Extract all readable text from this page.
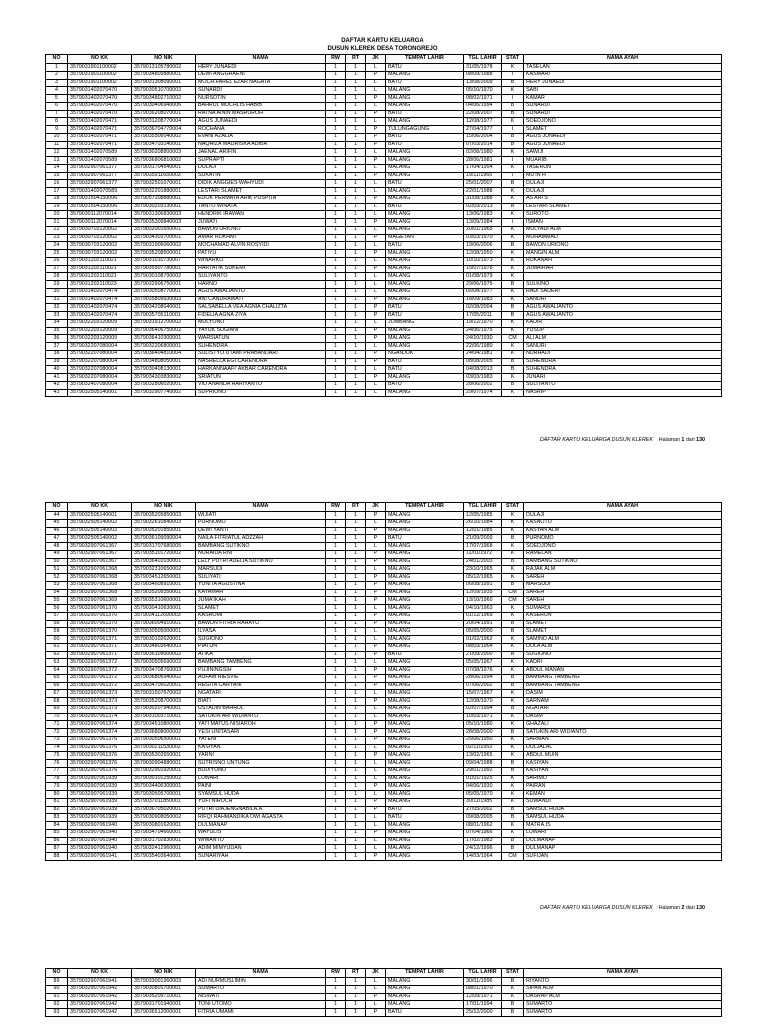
DAFTAR KARTU KELUARGA
DUSUN KLEREK DESA TORONGREJO
NO	NO KK	NO NIK	NAMA	RW	RT	JK	TEMPAT LAHIR	TGL LAHIR	STAT	NAMA AYAH
1	3579031901100002	3579013105780002	HERY JUNAEDI	1	1	L	BATU	31/05/1978	K	TASELAN
2	3579031901100002	3579034809880001	DEWI ANGGRAENI	1	1	P	MALANG	08/09/1988	I	KASMARI
3	3579031901100002	3579031308090001	MOCH.FAREL EZAR NAGATA	1	1	L	BATU	13/08/2009	B	HERY JUNAEDI
4	3579031402070470	3579030510700002	SUNARDI	1	1	L	MALANG	05/10/1970	K	SABI
5	3579031402070470	3579034802710002	NURSOTIN	1	1	P	MALANG	08/02/1971	I	KAMAR
6	3579031402070470	3579030406940006	BAHRUL MUCHLIS HABIB	1	1	L	MALANG	04/06/1994	B	SUNARDI
7	3579031402070470	3579036208070001	RATNA AININ MASRUROH	1	1	P	BATU	22/08/2007	B	SUNARDI
8	3579031402070471	3579031208770004	AGUS JUNAEDI	1	1	L	MALANG	12/08/1977	K	SOEDJONO
9	3579031402070471	3579036704770004	ROCHANA	1	1	P	TULUNGAGUNG	27/04/1977	I	SLAMET
10	3579031402070471	3579035506040002	EVANI AZALIA	1	1	P	BATU	15/06/2004	B	AGUS JUNAEDI
11	3579031402070471	3579034703140001	NAQHIZA MAURISKA ADIBA	1	1	P	BATU	07/03/2014	B	AGUS JUNAEDI
12	3579031402070589	3579030208800003	JAENAL ARIFIN	1	1	L	MALANG	02/08/1980	K	SAWIJI
13	3579031402070589	3579036806810002	SUPRAPTI	1	1	P	MALANG	28/06/1981	I	MUARIB
14	3579032907061377	3579031704540001	DULAJI	1	1	L	MALANG	17/04/1954	K	TASERUN
15	3579032907061377	3579035911650003	SUKATIN	1	1	P	MALANG	19/11/1965	I	MU'IN H
16	3579032907061377	3579032501070001	DIDIK ANGGIES WAHYUDI	1	1	L	BATU	25/01/2007	B	DULAJI
17	3579031402070589	3579032201880001	LESTARI SLAMET	1	1	L	MALANG	22/01/1988	K	DULAJI
18	3579031504150006	3579057108880001	EDOK PERMATA ARIK PUSPITA	1	1	P	MALANG	31/08/1988	K	AS'ARI S
19	3579031504150006	3579030203130001	TANTO WINATA	1	1	L	BATU	02/03/2013	B	LESTARI SLAMET
20	3579030112070014	3579031306830003	HENDRIK IRAWAN	1	1	L	MALANG	13/06/1983	K	SUROTO
21	3579030112070014	3579035309840003	JUWATI	1	1	P	MALANG	13/09/1984	I	ISMAN
22	3579030703120002	3579032001650001	BAWON URIONO	1	1	L	MALANG	20/01/1965	K	MULYADI ALM
23	3579030703120002	3579034303700001	AMAR ROKHMI	1	1	P	MAGETAN	03/03/1970	K	MUHAMMAD
24	3579030703120002	3579031906060002	MOCHAMAD ALVIN ROSYIDI	1	1	L	BATU	19/06/2006	B	BAWON URIONO
25	3579030703120002	3579035208500001	PATIYU	1	1	P	MALANG	12/08/1950	K	MANGIN ALM
26	3579031202110021	3579031010730007	WINARKO	1	1	L	MALANG	10/10/1973	K	RUKANAH
27	3579031202110021	3579035507780001	HARTATIK SUKEMI	1	1	P	MALANG	15/07/1978	K	JUMAIRAH
28	3579031202110021	3579030108790002	SULIYANTO	1	1	L	MALANG	01/08/1979	K	
29	3579031202110023	3579032906750001	HARNO	1	1	L	MALANG	29/06/1975	B	SULKINO
30	3579031402070474	3579030508770001	AGUS AWALIANTO	1	1	L	MALANG	05/08/1977	K	RADI SADERI
31	3579031402070474	3579035809930003	ANI CANDRAWATI	1	1	P	MALANG	18/09/1983	K	SANURI
32	3579031402070474	3579034208040001	SALSABELLA VEA AGNIA CHALIZTA	1	1	P	BATU	02/08/2004	B	AGUS AWALIANTO
33	3579031402070474	3579035705110001	FIDELIA AGNA ZIYA	1	1	P	BATU	17/05/2011	B	AGUS AWALIANTO
34	3579032203120009	3579031912700002	MULYONO	1	1	L	JOMBANG	19/12/1970	K	KADIR
35	3579032203120009	3579036406750002	YAYUK SUGIANI	1	1	P	MALANG	24/06/1975	K	YUSUP
36	3579032203120009	3579036410300001	WARSIATUN	1	1	P	MALANG	24/10/1930	CM	ALI ALM
37	3579032207080004	3579032206800001	SUHENDRA	1	1	L	MALANG	22/06/1980	K	SANURI
38	3579032207080004	3579036404810004	SULISTYO UTAMI PRABANDARI	1	1	P	NGANJUK	24/04/1981	K	NURHADI
39	3579032207080004	3579034808050001	NASHELLA EGI CARENDRA	1	1	P	BATU	08/08/2005	B	SUHENDRA
40	3579032207080004	3579030408130001	HARKANNAAFI' AKBAR CARENDRA	1	1	L	BATU	04/08/2013	B	SUHENDRA
41	3579032207080004	3579034303830002	SRIATUN	1	1	P	MALANG	03/03/1983	K	JUNARI
42	3579032407080004	3579032806020001	VIO ANANDA HARIYANTO	1	1	L	BATU	28/06/2002	B	SULIYANTO
43	3579032505140001	3579032907740002	SUPRIONO	1	1	L	MALANG	29/07/1974	K	NASRIP
DAFTAR KARTU KELUARGA DUSUN KLEREK    Halaman 1 dari 130
NO	NO KK	NO NIK	NAMA	RW	RT	JK	TEMPAT LAHIR	TGL LAHIR	STAT	NAMA AYAH
44	3579032505140001	3579035205850003	WIJIATI	1	1	P	MALANG	12/05/1985	K	DULAJI
45	3579032505140002	3579032610840003	PURNOMO	1	1	L	MALANG	26/10/1984	K	KASNOTO
46	3579032505140002	3579035201850001	DEWI YANTI	1	1	P	MALANG	12/01/1985	K	KASYAN ALM
47	3579032505140002	3579036109090004	NAILA FITRIATUL ADZZAH	1	1	P	BATU	21/09/2009	B	PURNOMO
48	3579032907061367	3579031707680005	BAMBANG SUTIKNO	1	1	L	MALANG	17/07/1968	K	SOEDJONO
49	3579032907061367	3579035101720002	NURAIDA RNI	1	1	P	MALANG	11/01/1972	K	RAMELAN
50	3579032907061367	3579036401030001	LELY PUTRI ADELIA SUTIKNO	1	1	P	MALANG	24/01/2003	B	BAMBANG SUTIKNO
51	3579032907061368	3579032310650002	MARSUDI	1	1	L	MALANG	23/10/1965	K	RAJAK ALM
52	3579032907061368	3579034512650001	SULIYATI	1	1	P	MALANG	05/12/1965	K	SAREH
53	3579032907061368	3579034608910001	YUNITA AGUSTINA	1	1	P	MALANG	06/08/1991	B	MARSUDI
54	3579032907061368	3579035209350001	KAYAMAH	1	1	P	MALANG	12/09/1935	CM	SAREH
55	3579032907061369	3579035310600001	JUMA'IKAH	1	1	P	MALANG	13/10/1960	CM	SAREH
56	3579032907061370	3579030410630001	SLAMET	1	1	L	MALANG	04/10/1963	K	SUMARDI
57	3579032907061370	3579034112690003	KASROMI	1	1	P	MALANG	01/12/1969	K	KASERUN
58	3579032907061370	3579036004910001	BAWON FITRIA RAHAYU	1	1	P	MALANG	20/04/1991	B	SLAMET
59	3579032907061370	3579030505000001	ILYASA	1	1	L	MALANG	05/05/2000	B	SLAMET
60	3579032907061371	3579030102620001	SUGIONO	1	1	L	MALANG	01/02/1962	K	SAMINO ALM
61	3579032907061371	3579034803640003	PIATUN	1	1	P	MALANG	08/03/1964	K	DOLA ALM
62	3579032907061371	3579036109000002	ATIKA	1	1	P	BATU	21/09/2000	B	SUGIONO
63	3579032907061372	3579030505690002	BAMBANG TAMBENG	1	1	L	MALANG	05/05/1967	K	KADRI
64	3579032907061372	3579034708760003	PUJININGSIH	1	1	P	MALANG	07/08/1976	K	ABDUL MANAN
65	3579032907061372	3579036806940002	AUFAM RIESVIE	1	1	P	MALANG	28/06/1994	B	BAMBANG TAMBENG
66	3579032907061372	3579034706020001	REGITA CAHYANI	1	1	P	MALANG	07/06/2002	B	BAMBANG TAMBENG
67	3579032907061373	3579031507670002	NGATARI	1	1	L	MALANG	15/07/1967	K	DASIM
68	3579032907061373	3579035208700003	BIATI	1	1	P	MALANG	12/08/1970	K	SARNAM
69	3579032907061373	3579030207940001	USTADIN BAHRUL	1	1	L	MALANG	02/07/1994	B	NGATARI
70	3579032907061374	3579031003710001	SATUKIN ARI WIDIANTO	1	1	L	MALANG	10/03/1971	K	DASIM
71	3579032907061374	3579034510800001	YATI MATUS NISIAROH	1	1	P	MALANG	05/10/1980	K	GHAZALI
72	3579032907061374	3579036808000002	YESI UNITASARI	1	1	P	MALANG	28/08/2000	B	SATUKIN ARI WIDIANTO
73	3579032907061376	3579030506500001	YATENI	1	1	P	MALANG	25/06/1950	K	SARMAN
74	3579032907061376	3579030211530002	KASIYAN	1	1	L	MALANG	02/11/1953	K	DULJALAL
75	3579032907061376	3579035302650001	YARNI	1	1	P	MALANG	13/02/1965	K	ABDUL MUIN
76	3579032907061376	3579030904880001	SUTRISNO UNTUNG	1	1	L	MALANG	09/04/1988	B	KASIYAN
77	3579032907061376	3579032901920001	BUDIYONO	1	1	L	MALANG	29/01/1992	B	KASIYAN
78	3579032907061939	3579030101250002	LUWARI	1	1	L	MALANG	01/01/1925	K	SARIMO
79	3579032907061939	3579034406300001	PAINI	1	1	P	MALANG	04/06/1930	K	PAIRAN
80	3579032907061939	3579030505700001	SYAMSUL HUDA	1	1	L	MALANG	05/05/1970	K	KEMAN
81	3579032907061939	3579037011850001	YUFI NIROCH	1	1	P	MALANG	30/11/1985	K	SUWANDI
82	3579032907061939	3579036705020001	PUTRI DIAJENGNABILA.A	1	1	P	BATU	27/05/2002	B	SAMSUL HUDA
83	3579032907061939	3579030908050002	RIFQI RAHMANDIKA DWI AGASTA	1	1	L	BATU	09/08/2005	B	SAMSUL HUDA
84	3579032907061940	3579030801620001	DULMANAP	1	1	L	MALANG	08/01/1962	K	MATRA.IS
85	3579032907061940	3579034704660001	WAYULIS	1	1	P	MALANG	07/04/1966	K	LUWARI
86	3579032907061940	3579031702830001	WIWANTO	1	1	L	MALANG	17/02/1983	B	DULMANAP
87	3579032907061940	3579032412960001	ADIM MIMYUDAN	1	1	L	MALANG	24/12/1996	B	DULMANAP
88	3579032907061941	3579035403640001	SUNARIYAH	1	1	P	MALANG	14/03/1964	CM	SUFIJAN
DAFTAR KARTU KELUARGA DUSUN KLEREK    Halaman 2 dari 130
NO	NO KK	NO NIK	NAMA	RW	RT	JK	TEMPAT LAHIR	TGL LAHIR	STAT	NAMA AYAH
89	3579032907061941	3579033001960003	ADI NURMUSLIMIN	1	1	L	MALANG	30/01/1996	B	RIYANTO
90	3579032907061942	3579030801700001	SUMARTO	1	1	L	MALANG	08/01/1970	K	SIPAN ALM
91	3579032907061942	3579035209710001	NISWATI	1	1	P	MALANG	12/09/1971	K	DASRAP ALM
92	3579032907061942	3579031701940001	TONI UTOMO	1	1	L	MALANG	17/01/1994	B	SUMARTO
93	3579032907061942	3579036512000001	FITRIA UMAMI	1	1	P	BATU	25/12/2000	B	SUMARTO
